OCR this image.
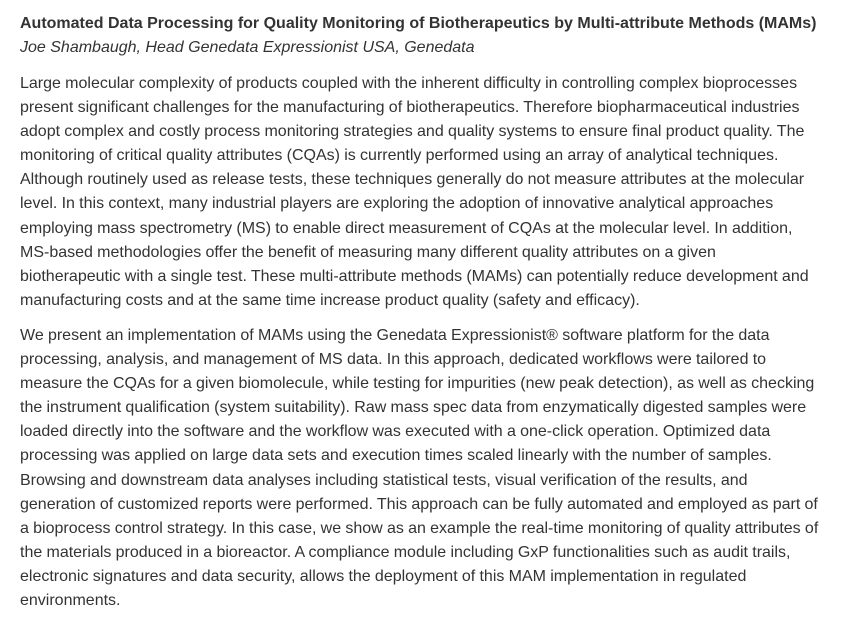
Automated Data Processing for Quality Monitoring of Biotherapeutics by Multi-attribute Methods (MAMs)

Joe Shambaugh, Head Genedata Expressionist USA, Genedata

Large molecular complexity of products coupled with the inherent difficulty in controlling complex bioprocesses
present significant challenges for the manufacturing of biotherapeutics. Therefore biopharmaceutical industries
adopt complex and costly process monitoring strategies and quality systems to ensure final product quality. The
monitoring of critical quality attributes (CQAs) is currently performed using an array of analytical techniques.
Although routinely used as release tests, these techniques generally do not measure attributes at the molecular
level. In this context, many industrial players are exploring the adoption of innovative analytical approaches
employing mass spectrometry (MS) to enable direct measurement of CQAs at the molecular level. In addition,
MS-based methodologies offer the benefit of measuring many different quality attributes on a given
biotherapeutic with a single test. These multi-attribute methods (MAMs) can potentially reduce development and
manufacturing costs and at the same time increase product quality (safety and efficacy).

We present an implementation of MAMs using the Genedata Expressionist® software platform for the data
processing, analysis, and management of MS data. In this approach, dedicated workflows were tailored to
measure the CQAs for a given biomolecule, while testing for impurities (new peak detection), as well as checking
the instrument qualification (system suitability). Raw mass spec data from enzymatically digested samples were
loaded directly into the software and the workflow was executed with a one-click operation. Optimized data
processing was applied on large data sets and execution times scaled linearly with the number of samples.
Browsing and downstream data analyses including statistical tests, visual verification of the results, and
generation of customized reports were performed. This approach can be fully automated and employed as part of
a bioprocess control strategy. In this case, we show as an example the real-time monitoring of quality attributes of
the materials produced in a bioreactor. A compliance module including GxP functionalities such as audit trails,
electronic signatures and data security, allows the deployment of this MAM implementation in regulated
environments.
